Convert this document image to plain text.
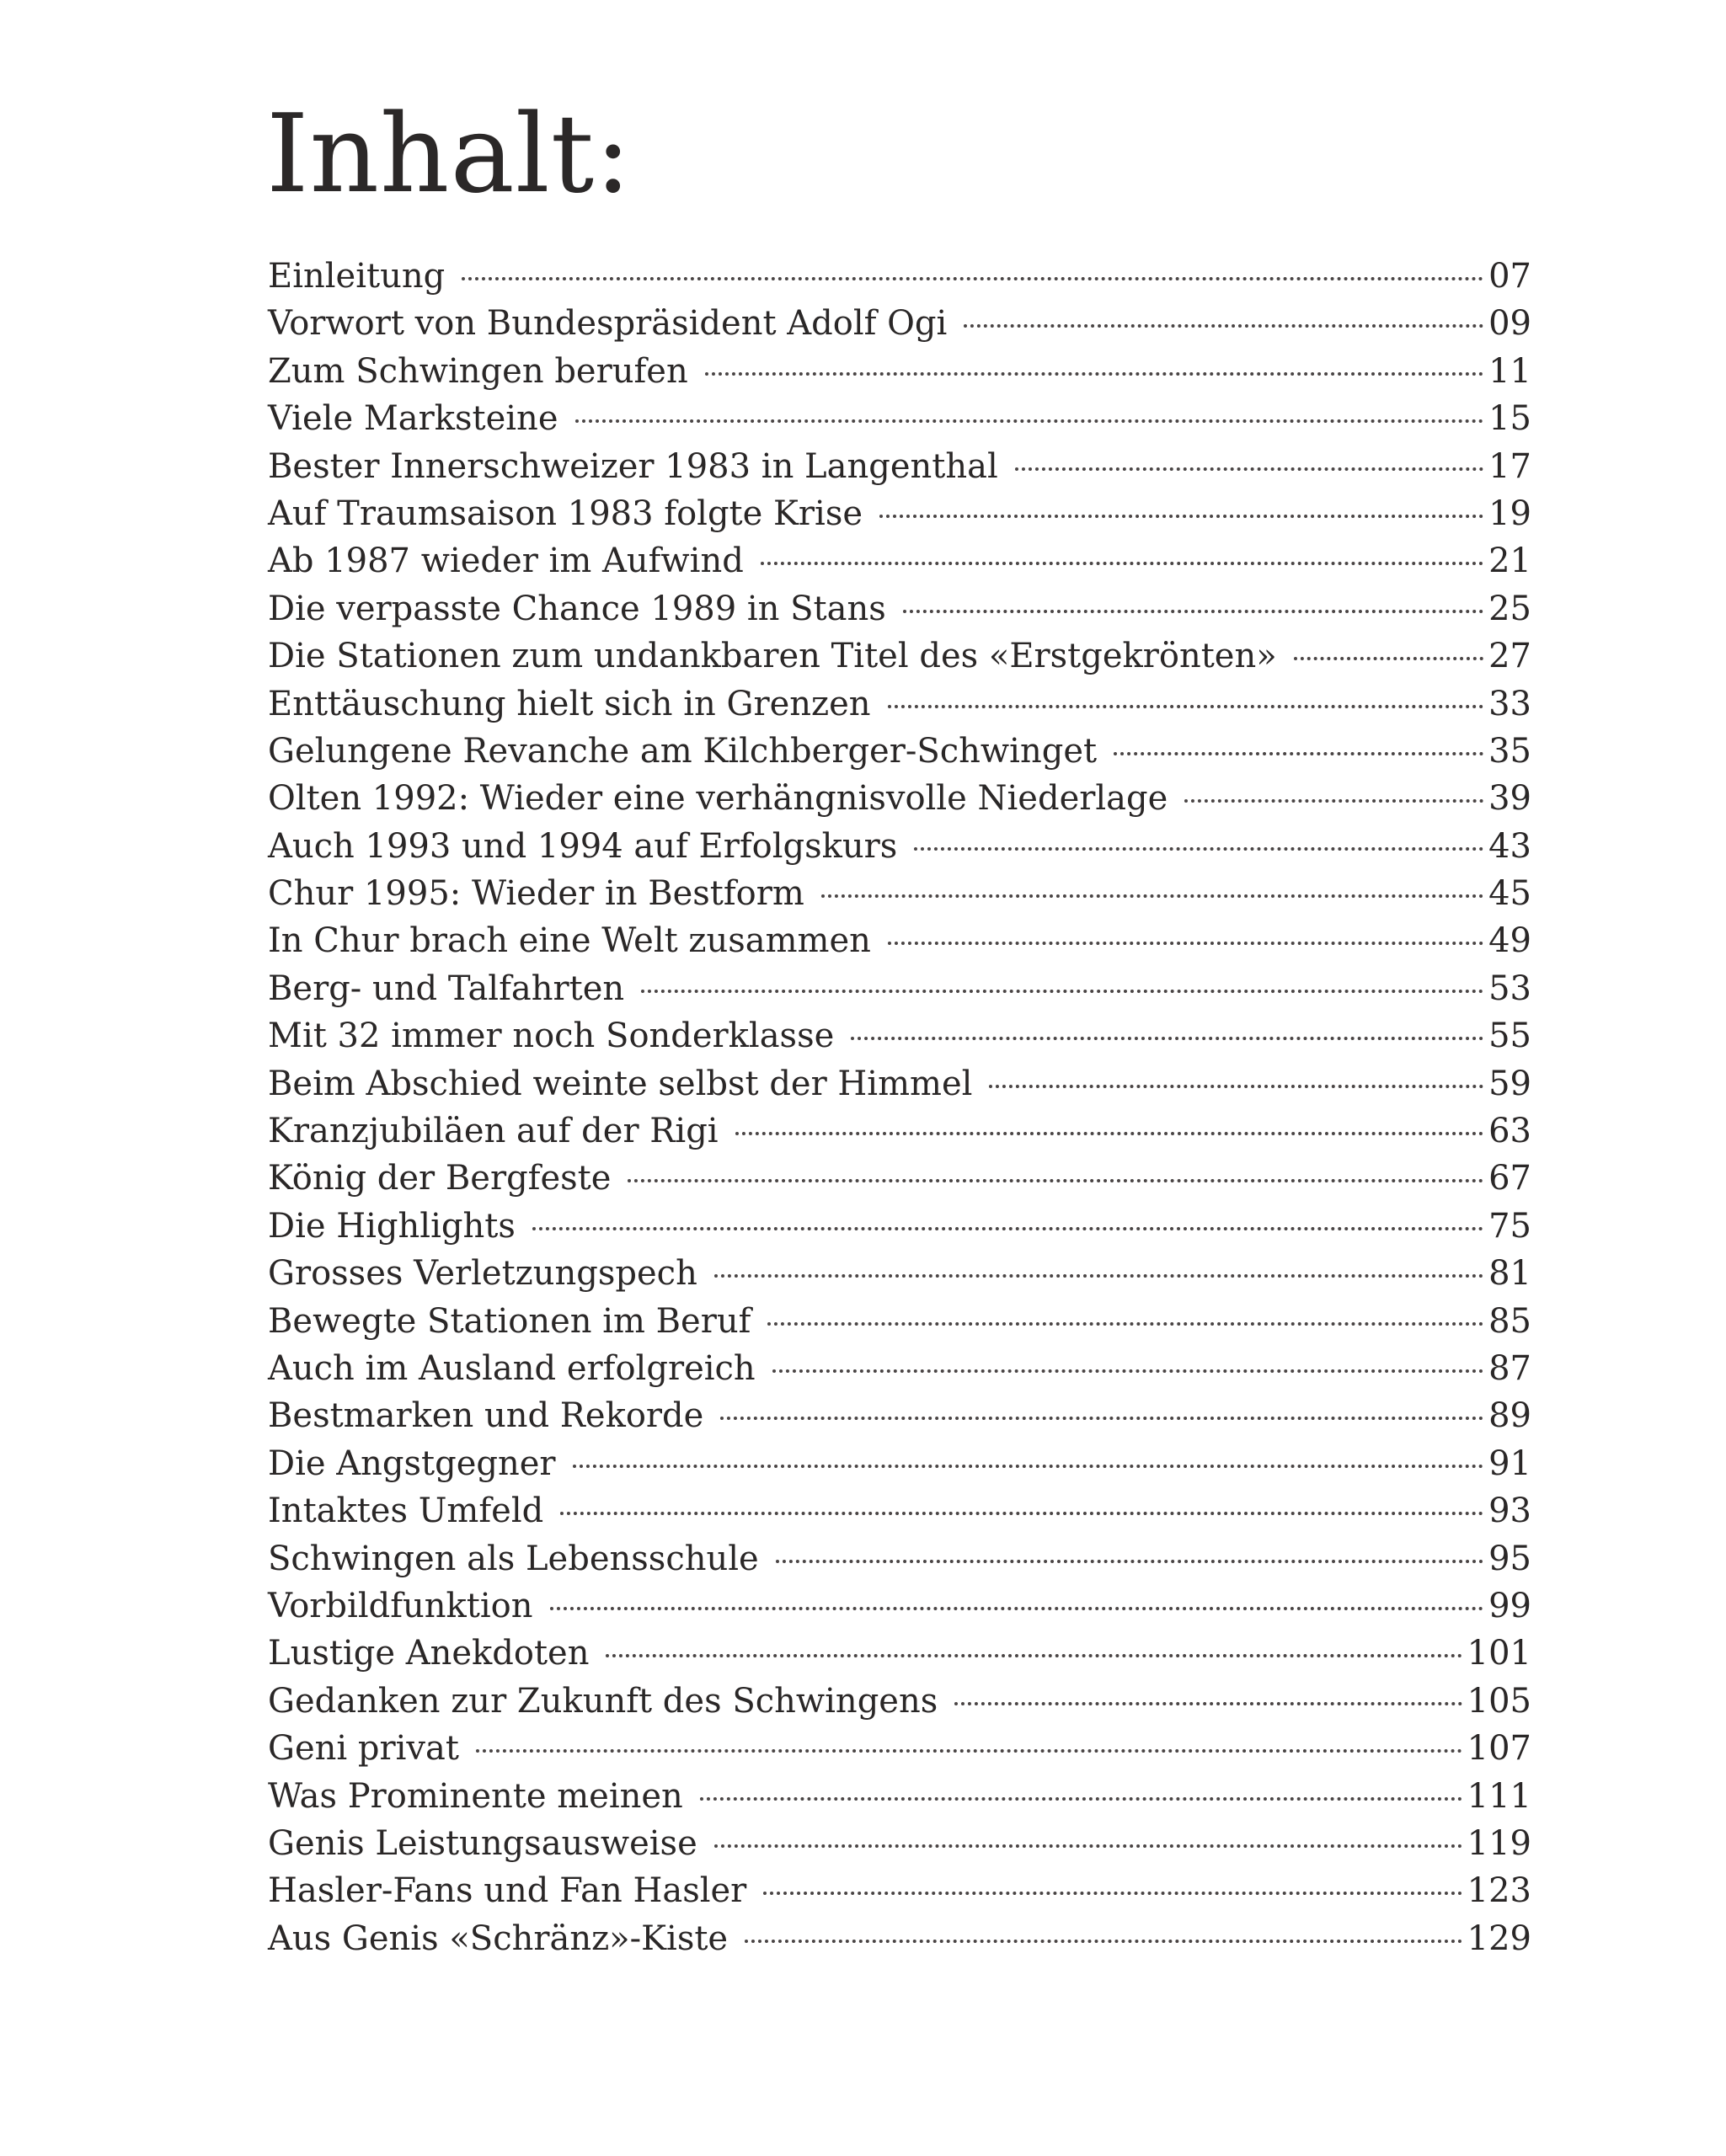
Inhalt:
Einleitung	07
Vorwort von Bundespräsident Adolf Ogi	09
Zum Schwingen berufen	11
Viele Marksteine	15
Bester Innerschweizer 1983 in Langenthal	17
Auf Traumsaison 1983 folgte Krise	19
Ab 1987 wieder im Aufwind	21
Die verpasste Chance 1989 in Stans	25
Die Stationen zum undankbaren Titel des «Erstgekrönten»	27
Enttäuschung hielt sich in Grenzen	33
Gelungene Revanche am Kilchberger-Schwinget	35
Olten 1992: Wieder eine verhängnisvolle Niederlage	39
Auch 1993 und 1994 auf Erfolgskurs	43
Chur 1995: Wieder in Bestform	45
In Chur brach eine Welt zusammen	49
Berg- und Talfahrten	53
Mit 32 immer noch Sonderklasse	55
Beim Abschied weinte selbst der Himmel	59
Kranzjubiläen auf der Rigi	63
König der Bergfeste	67
Die Highlights	75
Grosses Verletzungspech	81
Bewegte Stationen im Beruf	85
Auch im Ausland erfolgreich	87
Bestmarken und Rekorde	89
Die Angstgegner	91
Intaktes Umfeld	93
Schwingen als Lebensschule	95
Vorbildfunktion	99
Lustige Anekdoten	101
Gedanken zur Zukunft des Schwingens	105
Geni privat	107
Was Prominente meinen	111
Genis Leistungsausweise	119
Hasler-Fans und Fan Hasler	123
Aus Genis «Schränz»-Kiste	129
